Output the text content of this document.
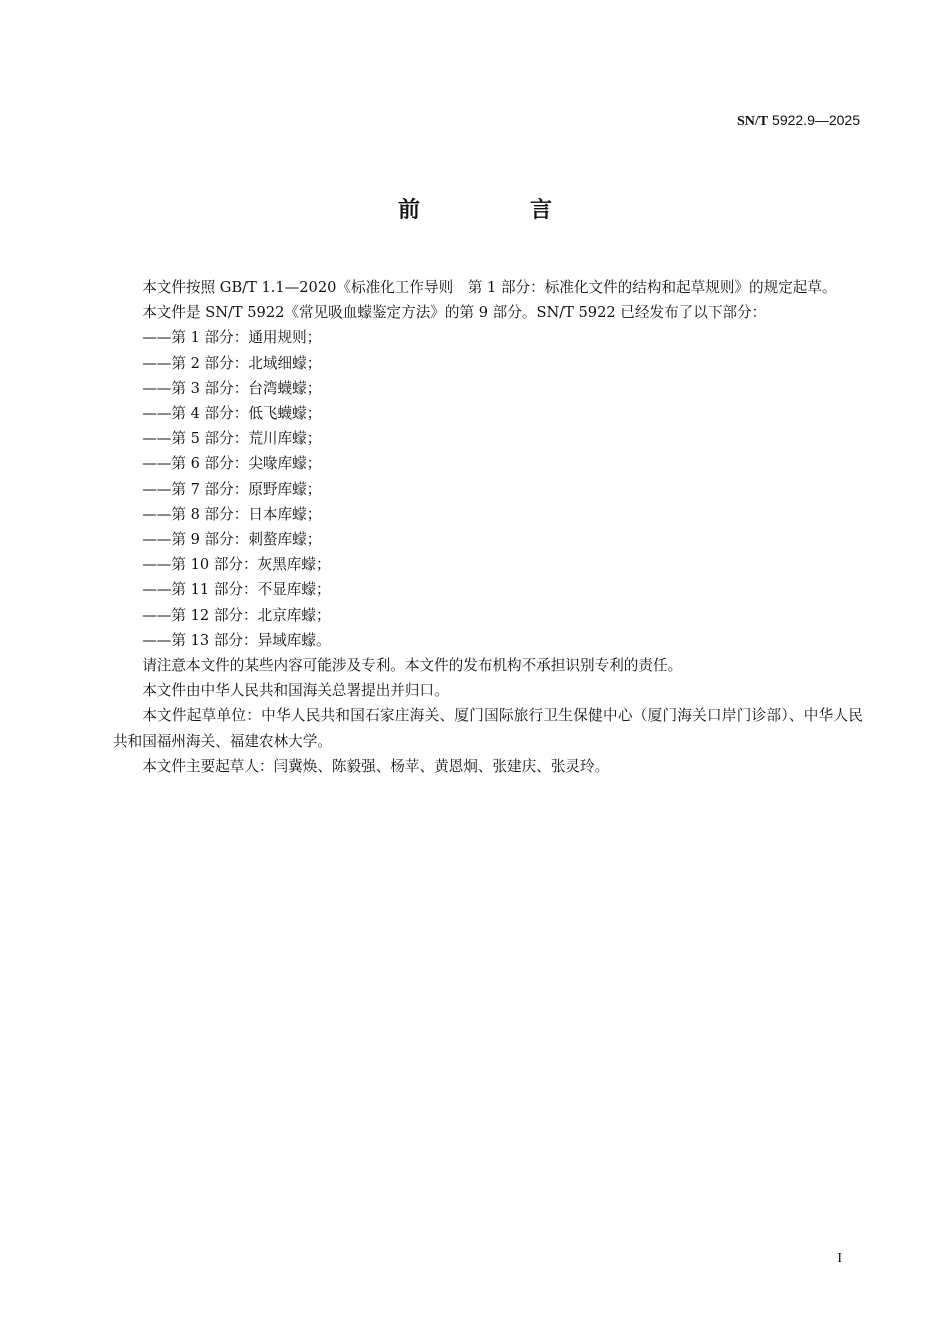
SN/T 5922.9—2025
前　言

本文件按照 GB/T 1.1—2020《标准化工作导则　第 1 部分：标准化文件的结构和起草规则》的规定起草。

本文件是 SN/T 5922《常见吸血蠓鉴定方法》的第 9 部分。SN/T 5922 已经发布了以下部分：

——第 1 部分：通用规则；
——第 2 部分：北域细蠓；
——第 3 部分：台湾蠛蠓；
——第 4 部分：低飞蠛蠓；
——第 5 部分：荒川库蠓；
——第 6 部分：尖喙库蠓；
——第 7 部分：原野库蠓；
——第 8 部分：日本库蠓；
——第 9 部分：刺螯库蠓；
——第 10 部分：灰黑库蠓；
——第 11 部分：不显库蠓；
——第 12 部分：北京库蠓；
——第 13 部分：异域库蠓。

请注意本文件的某些内容可能涉及专利。本文件的发布机构不承担识别专利的责任。

本文件由中华人民共和国海关总署提出并归口。

本文件起草单位：中华人民共和国石家庄海关、厦门国际旅行卫生保健中心（厦门海关口岸门诊部）、中华人民共和国福州海关、福建农林大学。

本文件主要起草人：闫冀焕、陈毅强、杨苹、黄恩炯、张建庆、张灵玲。

I
